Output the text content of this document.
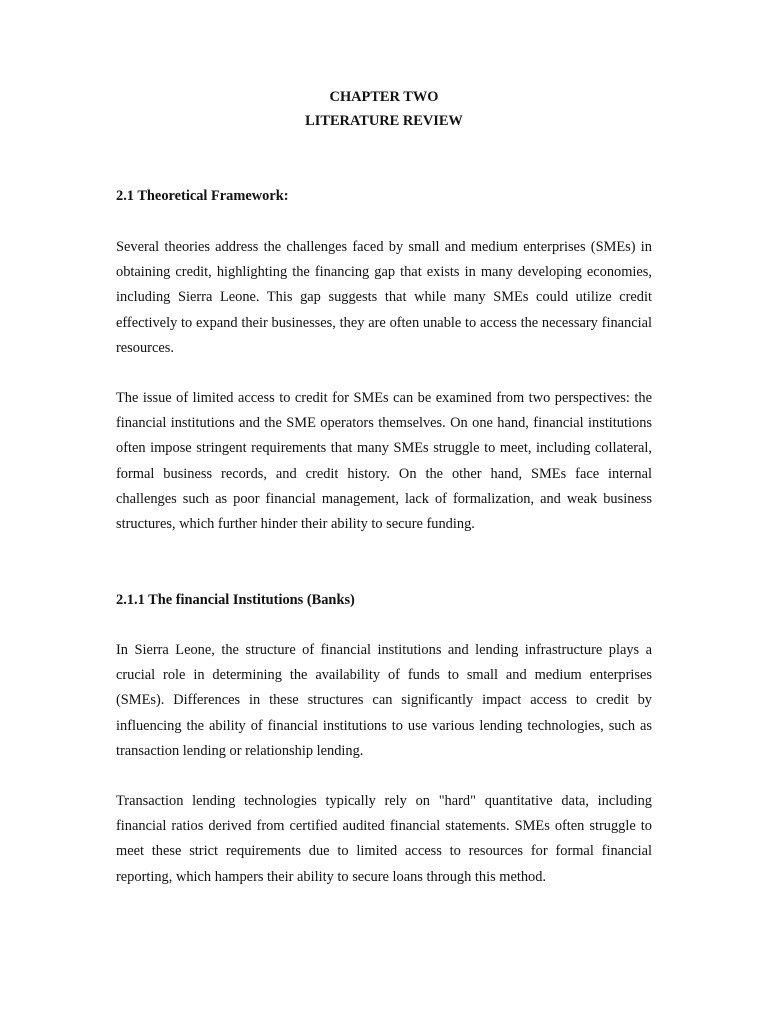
CHAPTER TWO
LITERATURE REVIEW
2.1 Theoretical Framework:

Several theories address the challenges faced by small and medium enterprises (SMEs) in obtaining credit, highlighting the financing gap that exists in many developing economies, including Sierra Leone. This gap suggests that while many SMEs could utilize credit effectively to expand their businesses, they are often unable to access the necessary financial resources.

The issue of limited access to credit for SMEs can be examined from two perspectives: the financial institutions and the SME operators themselves. On one hand, financial institutions often impose stringent requirements that many SMEs struggle to meet, including collateral, formal business records, and credit history. On the other hand, SMEs face internal challenges such as poor financial management, lack of formalization, and weak business structures, which further hinder their ability to secure funding.

2.1.1 The financial Institutions (Banks)

In Sierra Leone, the structure of financial institutions and lending infrastructure plays a crucial role in determining the availability of funds to small and medium enterprises (SMEs). Differences in these structures can significantly impact access to credit by influencing the ability of financial institutions to use various lending technologies, such as transaction lending or relationship lending.

Transaction lending technologies typically rely on "hard" quantitative data, including financial ratios derived from certified audited financial statements. SMEs often struggle to meet these strict requirements due to limited access to resources for formal financial reporting, which hampers their ability to secure loans through this method.
